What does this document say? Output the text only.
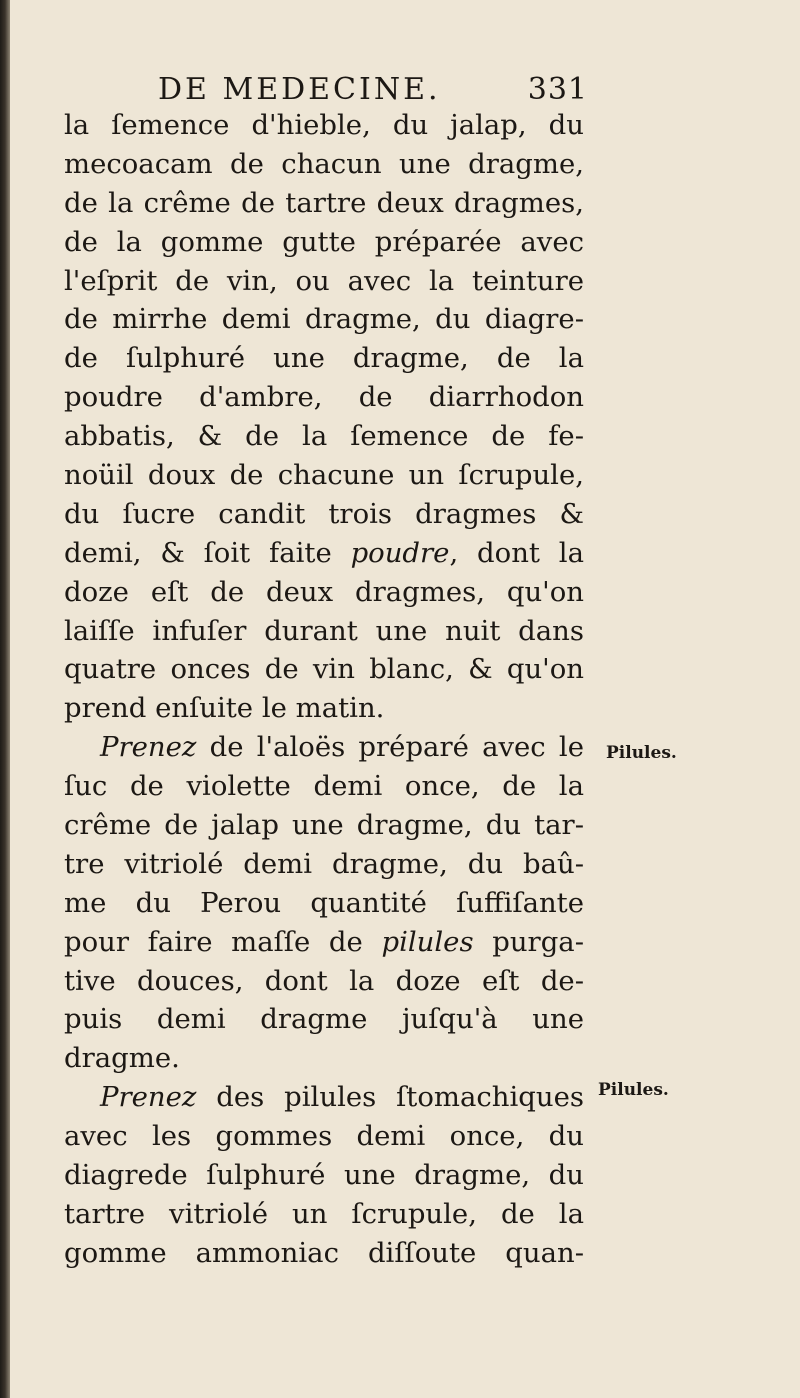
DE MEDECINE.	331
la ſemence d'hieble, du jalap, du
mecoacam de chacun une dragme,
de la crême de tartre deux dragmes,
de la gomme gutte préparée avec
l'eſprit de vin, ou avec la teinture
de mirrhe demi dragme, du diagre-
de ſulphuré une dragme, de la
poudre d'ambre, de diarrhodon
abbatis, & de la ſemence de fe-
noüil doux de chacune un ſcrupule,
du ſucre candit trois dragmes &
demi, & ſoit faite poudre, dont la
doze eſt de deux dragmes, qu'on
laiſſe infuſer durant une nuit dans
quatre onces de vin blanc, & qu'on
prend enſuite le matin.
Prenez de l'aloës préparé avec le
ſuc de violette demi once, de la
crême de jalap une dragme, du tar-
tre vitriolé demi dragme, du baû-
me du Perou quantité ſuffiſante
pour faire maſſe de pilules purga-
tive douces, dont la doze eſt de-
puis demi dragme juſqu'à une
dragme.
Prenez des pilules ſtomachiques
avec les gommes demi once, du
diagrede ſulphuré une dragme, du
tartre vitriolé un ſcrupule, de la
gomme ammoniac diſſoute quan-
Pilules.
Pilules.
